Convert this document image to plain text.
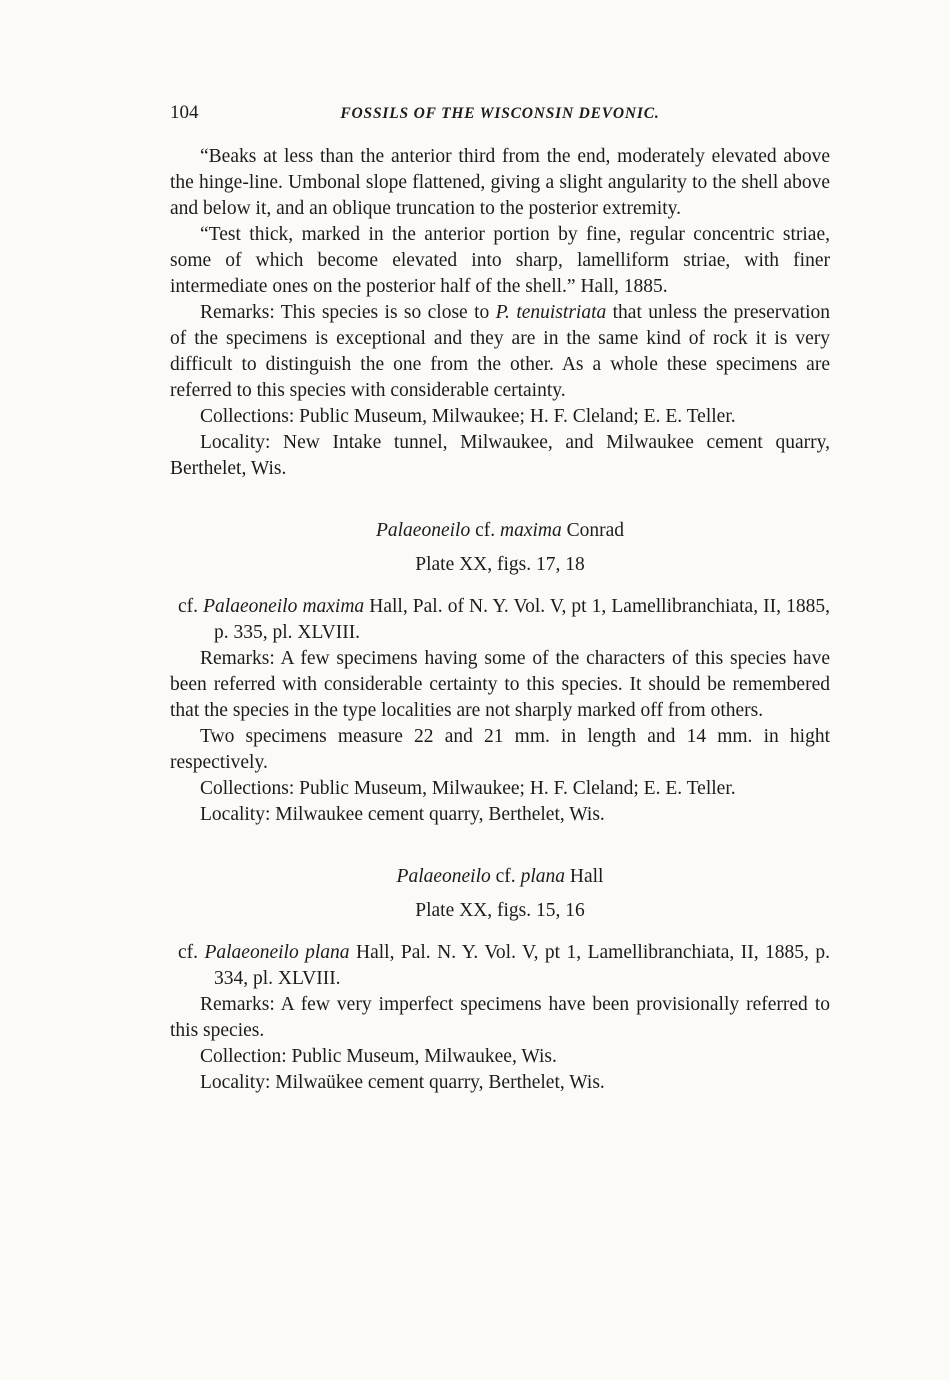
104	FOSSILS OF THE WISCONSIN DEVONIC.

“Beaks at less than the anterior third from the end, moderately elevated above the hinge-line. Umbonal slope flattened, giving a slight angularity to the shell above and below it, and an oblique truncation to the posterior extremity.

“Test thick, marked in the anterior portion by fine, regular concentric striae, some of which become elevated into sharp, lamelliform striae, with finer intermediate ones on the posterior half of the shell.” Hall, 1885.

Remarks: This species is so close to P. tenuistriata that unless the preservation of the specimens is exceptional and they are in the same kind of rock it is very difficult to distinguish the one from the other. As a whole these specimens are referred to this species with considerable certainty.

Collections: Public Museum, Milwaukee; H. F. Cleland; E. E. Teller.

Locality: New Intake tunnel, Milwaukee, and Milwaukee cement quarry, Berthelet, Wis.

Palaeoneilo cf. maxima Conrad

Plate XX, figs. 17, 18

cf. Palaeoneilo maxima Hall, Pal. of N. Y. Vol. V, pt 1, Lamellibranchiata, II, 1885, p. 335, pl. XLVIII.

Remarks: A few specimens having some of the characters of this species have been referred with considerable certainty to this species. It should be remembered that the species in the type localities are not sharply marked off from others.

Two specimens measure 22 and 21 mm. in length and 14 mm. in hight respectively.

Collections: Public Museum, Milwaukee; H. F. Cleland; E. E. Teller.

Locality: Milwaukee cement quarry, Berthelet, Wis.

Palaeoneilo cf. plana Hall

Plate XX, figs. 15, 16

cf. Palaeoneilo plana Hall, Pal. N. Y. Vol. V, pt 1, Lamellibranchiata, II, 1885, p. 334, pl. XLVIII.

Remarks: A few very imperfect specimens have been provisionally referred to this species.

Collection: Public Museum, Milwaukee, Wis.

Locality: Milwaükee cement quarry, Berthelet, Wis.
